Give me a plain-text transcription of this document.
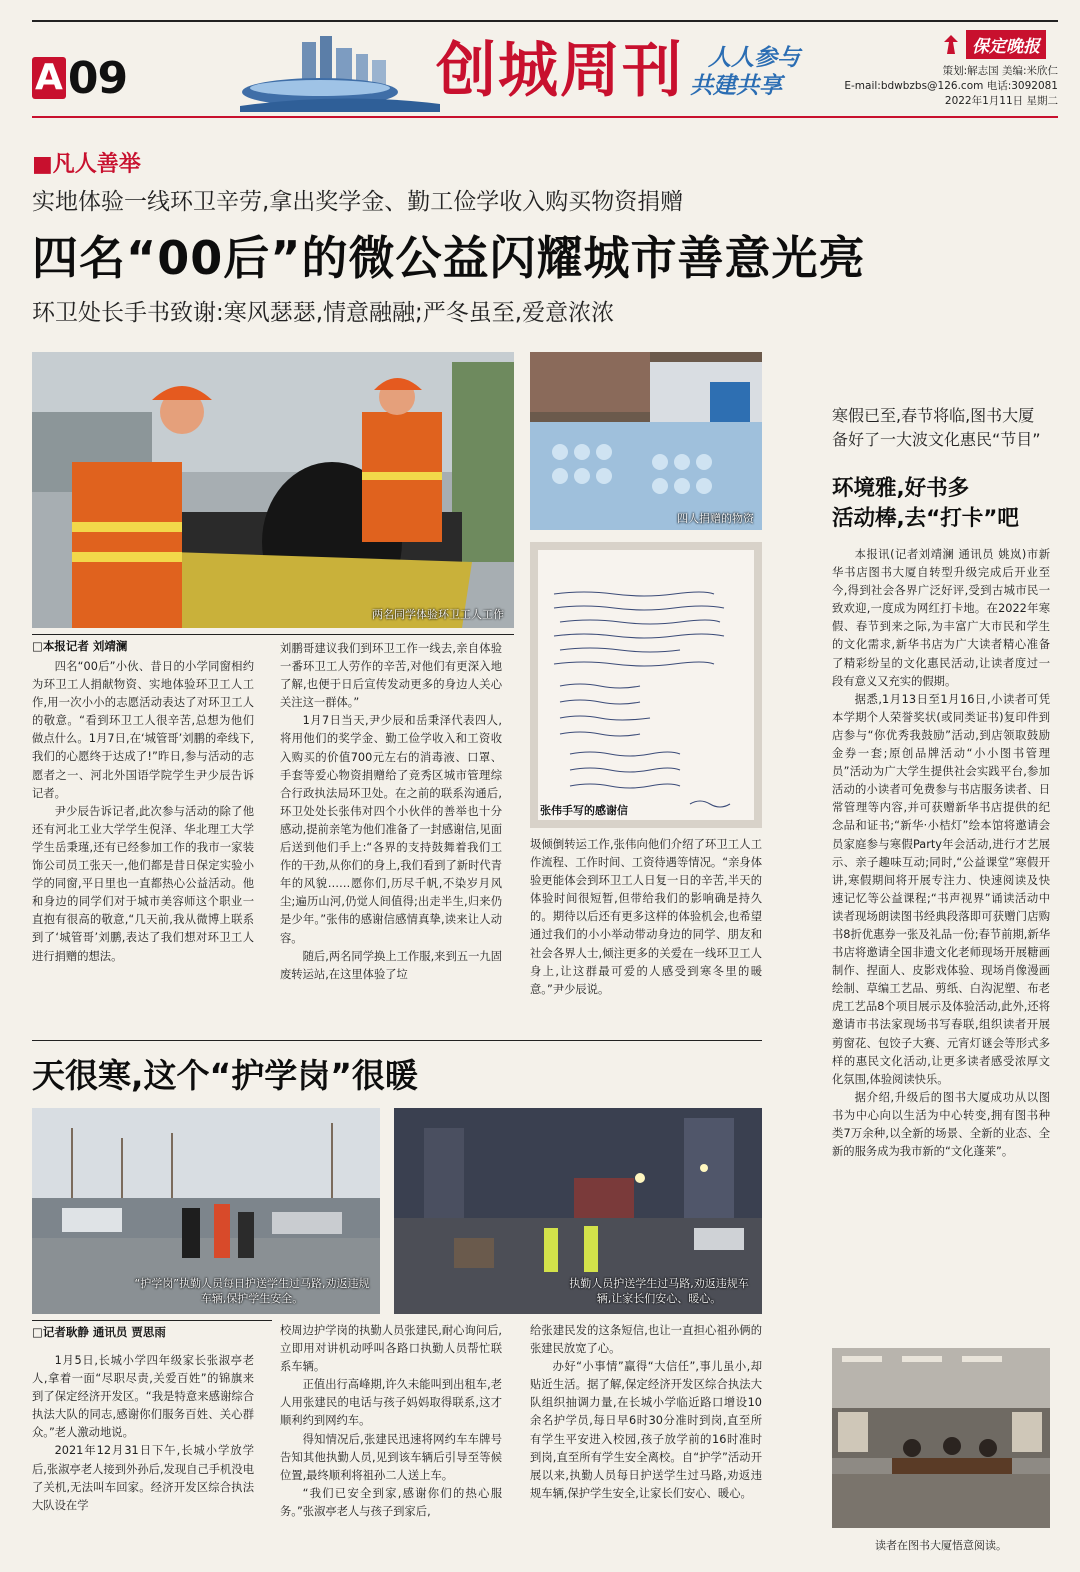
A 09	创城周刊 人人参与
共建共享
保定晚报
策划:解志国 美编:米欣仁
E-mail:bdwbzbs@126.com 电话:3092081
2022年1月11日 星期二
■凡人善举
实地体验一线环卫辛劳,拿出奖学金、勤工俭学收入购买物资捐赠
四名“00后”的微公益闪耀城市善意光亮
环卫处长手书致谢:寒风瑟瑟,情意融融;严冬虽至,爱意浓浓
两名同学体验环卫工人工作
四人捐赠的物资
张伟手写的感谢信
□本报记者 刘靖澜

四名“00后”小伙、昔日的小学同窗相约为环卫工人捐献物资、实地体验环卫工人工作,用一次小小的志愿活动表达了对环卫工人的敬意。“看到环卫工人很辛苦,总想为他们做点什么。1月7日,在‘城管哥’刘鹏的牵线下,我们的心愿终于达成了!”昨日,参与活动的志愿者之一、河北外国语学院学生尹少辰告诉记者。

尹少辰告诉记者,此次参与活动的除了他还有河北工业大学学生倪泽、华北理工大学学生岳秉瑾,还有已经参加工作的我市一家装饰公司员工张天一,他们都是昔日保定实验小学的同窗,平日里也一直都热心公益活动。他和身边的同学们对于城市美容师这个职业一直抱有很高的敬意,“几天前,我从微博上联系到了‘城管哥’刘鹏,表达了我们想对环卫工人进行捐赠的想法。

刘鹏哥建议我们到环卫工作一线去,亲自体验一番环卫工人劳作的辛苦,对他们有更深入地了解,也便于日后宣传发动更多的身边人关心关注这一群体。”

1月7日当天,尹少辰和岳秉泽代表四人,将用他们的奖学金、勤工俭学收入和工资收入购买的价值700元左右的消毒液、口罩、手套等爱心物资捐赠给了竞秀区城市管理综合行政执法局环卫处。在之前的联系沟通后,环卫处处长张伟对四个小伙伴的善举也十分感动,提前亲笔为他们准备了一封感谢信,见面后送到他们手上:“各界的支持鼓舞着我们工作的干劲,从你们的身上,我们看到了新时代青年的风貌……愿你们,历尽千帆,不染岁月风尘;遍历山河,仍觉人间值得;出走半生,归来仍是少年。”张伟的感谢信感情真挚,读来让人动容。

随后,两名同学换上工作服,来到五一九固废转运站,在这里体验了垃

圾倾倒转运工作,张伟向他们介绍了环卫工人工作流程、工作时间、工资待遇等情况。“亲身体验更能体会到环卫工人日复一日的辛苦,半天的体验时间很短暂,但带给我们的影响确是持久的。期待以后还有更多这样的体验机会,也希望通过我们的小小举动带动身边的同学、朋友和社会各界人士,倾注更多的关爱在一线环卫工人身上,让这群最可爱的人感受到寒冬里的暖意。”尹少辰说。

天很寒,这个“护学岗”很暖
“护学岗”执勤人员每日护送学生过马路,劝返违规车辆,保护学生安全。
执勤人员护送学生过马路,劝返违规车辆,让家长们安心、暖心。
□记者耿静 通讯员 贾思雨

1月5日,长城小学四年级家长张淑亭老人,拿着一面“尽职尽责,关爱百姓”的锦旗来到了保定经济开发区。“我是特意来感谢综合执法大队的同志,感谢你们服务百姓、关心群众。”老人激动地说。

2021年12月31日下午,长城小学放学后,张淑亭老人接到外孙后,发现自己手机没电了关机,无法叫车回家。经济开发区综合执法大队设在学

校周边护学岗的执勤人员张建民,耐心询问后,立即用对讲机动呼叫各路口执勤人员帮忙联系车辆。

正值出行高峰期,许久未能叫到出租车,老人用张建民的电话与孩子妈妈取得联系,这才顺利约到网约车。

得知情况后,张建民迅速将网约车车牌号告知其他执勤人员,见到该车辆后引导至等候位置,最终顺利将祖孙二人送上车。

“我们已安全到家,感谢你们的热心服务。”张淑亭老人与孩子到家后,

给张建民发的这条短信,也让一直担心祖孙俩的张建民放宽了心。

办好“小事情”赢得“大信任”,事儿虽小,却贴近生活。据了解,保定经济开发区综合执法大队组织抽调力量,在长城小学临近路口增设10余名护学员,每日早6时30分准时到岗,直至所有学生平安进入校园,孩子放学前的16时准时到岗,直至所有学生安全离校。自“护学”活动开展以来,执勤人员每日护送学生过马路,劝返违规车辆,保护学生安全,让家长们安心、暖心。

寒假已至,春节将临,图书大厦备好了一大波文化惠民“节目”
环境雅,好书多
活动棒,去“打卡”吧

本报讯(记者刘靖澜 通讯员 姚岚)市新华书店图书大厦自转型升级完成后开业至今,得到社会各界广泛好评,受到古城市民一致欢迎,一度成为网红打卡地。在2022年寒假、春节到来之际,为丰富广大市民和学生的文化需求,新华书店为广大读者精心准备了精彩纷呈的文化惠民活动,让读者度过一段有意义又充实的假期。

据悉,1月13日至1月16日,小读者可凭本学期个人荣誉奖状(或同类证书)复印件到店参与“你优秀我鼓励”活动,到店领取鼓励金券一套;原创品牌活动“小小图书管理员”活动为广大学生提供社会实践平台,参加活动的小读者可免费参与书店服务读者、日常管理等内容,并可获赠新华书店提供的纪念品和证书;“新华·小桔灯”绘本馆将邀请会员家庭参与寒假Party年会活动,进行才艺展示、亲子趣味互动;同时,“公益课堂”寒假开讲,寒假期间将开展专注力、快速阅读及快速记忆等公益课程;“书声视界”诵读活动中读者现场朗读图书经典段落即可获赠门店购书8折优惠券一张及礼品一份;春节前期,新华书店将邀请全国非遗文化老师现场开展糖画制作、捏面人、皮影戏体验、现场肖像漫画绘制、草编工艺品、剪纸、白沟泥塑、布老虎工艺品8个项目展示及体验活动,此外,还将邀请市书法家现场书写春联,组织读者开展剪窗花、包饺子大赛、元宵灯谜会等形式多样的惠民文化活动,让更多读者感受浓厚文化氛围,体验阅读快乐。

据介绍,升级后的图书大厦成功从以图书为中心向以生活为中心转变,拥有图书种类7万余种,以全新的场景、全新的业态、全新的服务成为我市新的“文化蓬莱”。

读者在图书大厦悟意阅读。
